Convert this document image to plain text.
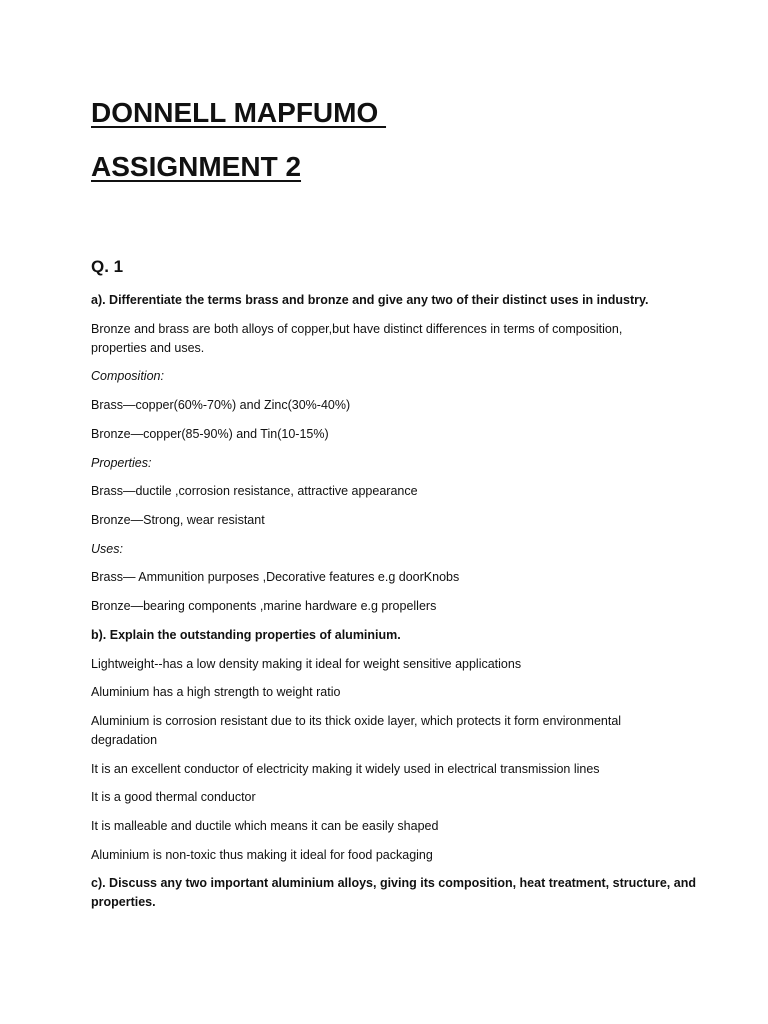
DONNELL MAPFUMO
ASSIGNMENT 2
Q. 1

a). Differentiate the terms brass and bronze and give any two of their distinct uses in industry.

Bronze and brass are both alloys of copper,but have distinct differences in terms of composition,

properties and uses.

Composition:

Brass—copper(60%-70%) and Zinc(30%-40%)

Bronze—copper(85-90%) and Tin(10-15%)

Properties:

Brass—ductile ,corrosion resistance, attractive appearance

Bronze—Strong, wear resistant

Uses:

Brass— Ammunition purposes ,Decorative features e.g doorKnobs

Bronze—bearing components ,marine hardware e.g propellers

b). Explain the outstanding properties of aluminium.

Lightweight--has a low density making it ideal for weight sensitive applications

Aluminium has a high strength to weight ratio

Aluminium is corrosion resistant due to its thick oxide layer, which protects it form environmental

degradation

It is an excellent conductor of electricity making it widely used in electrical transmission lines

It is a good thermal conductor

It is malleable and ductile which means it can be easily shaped

Aluminium is non-toxic thus making it ideal for food packaging

c). Discuss any two important aluminium alloys, giving its composition, heat treatment, structure, and

properties.
